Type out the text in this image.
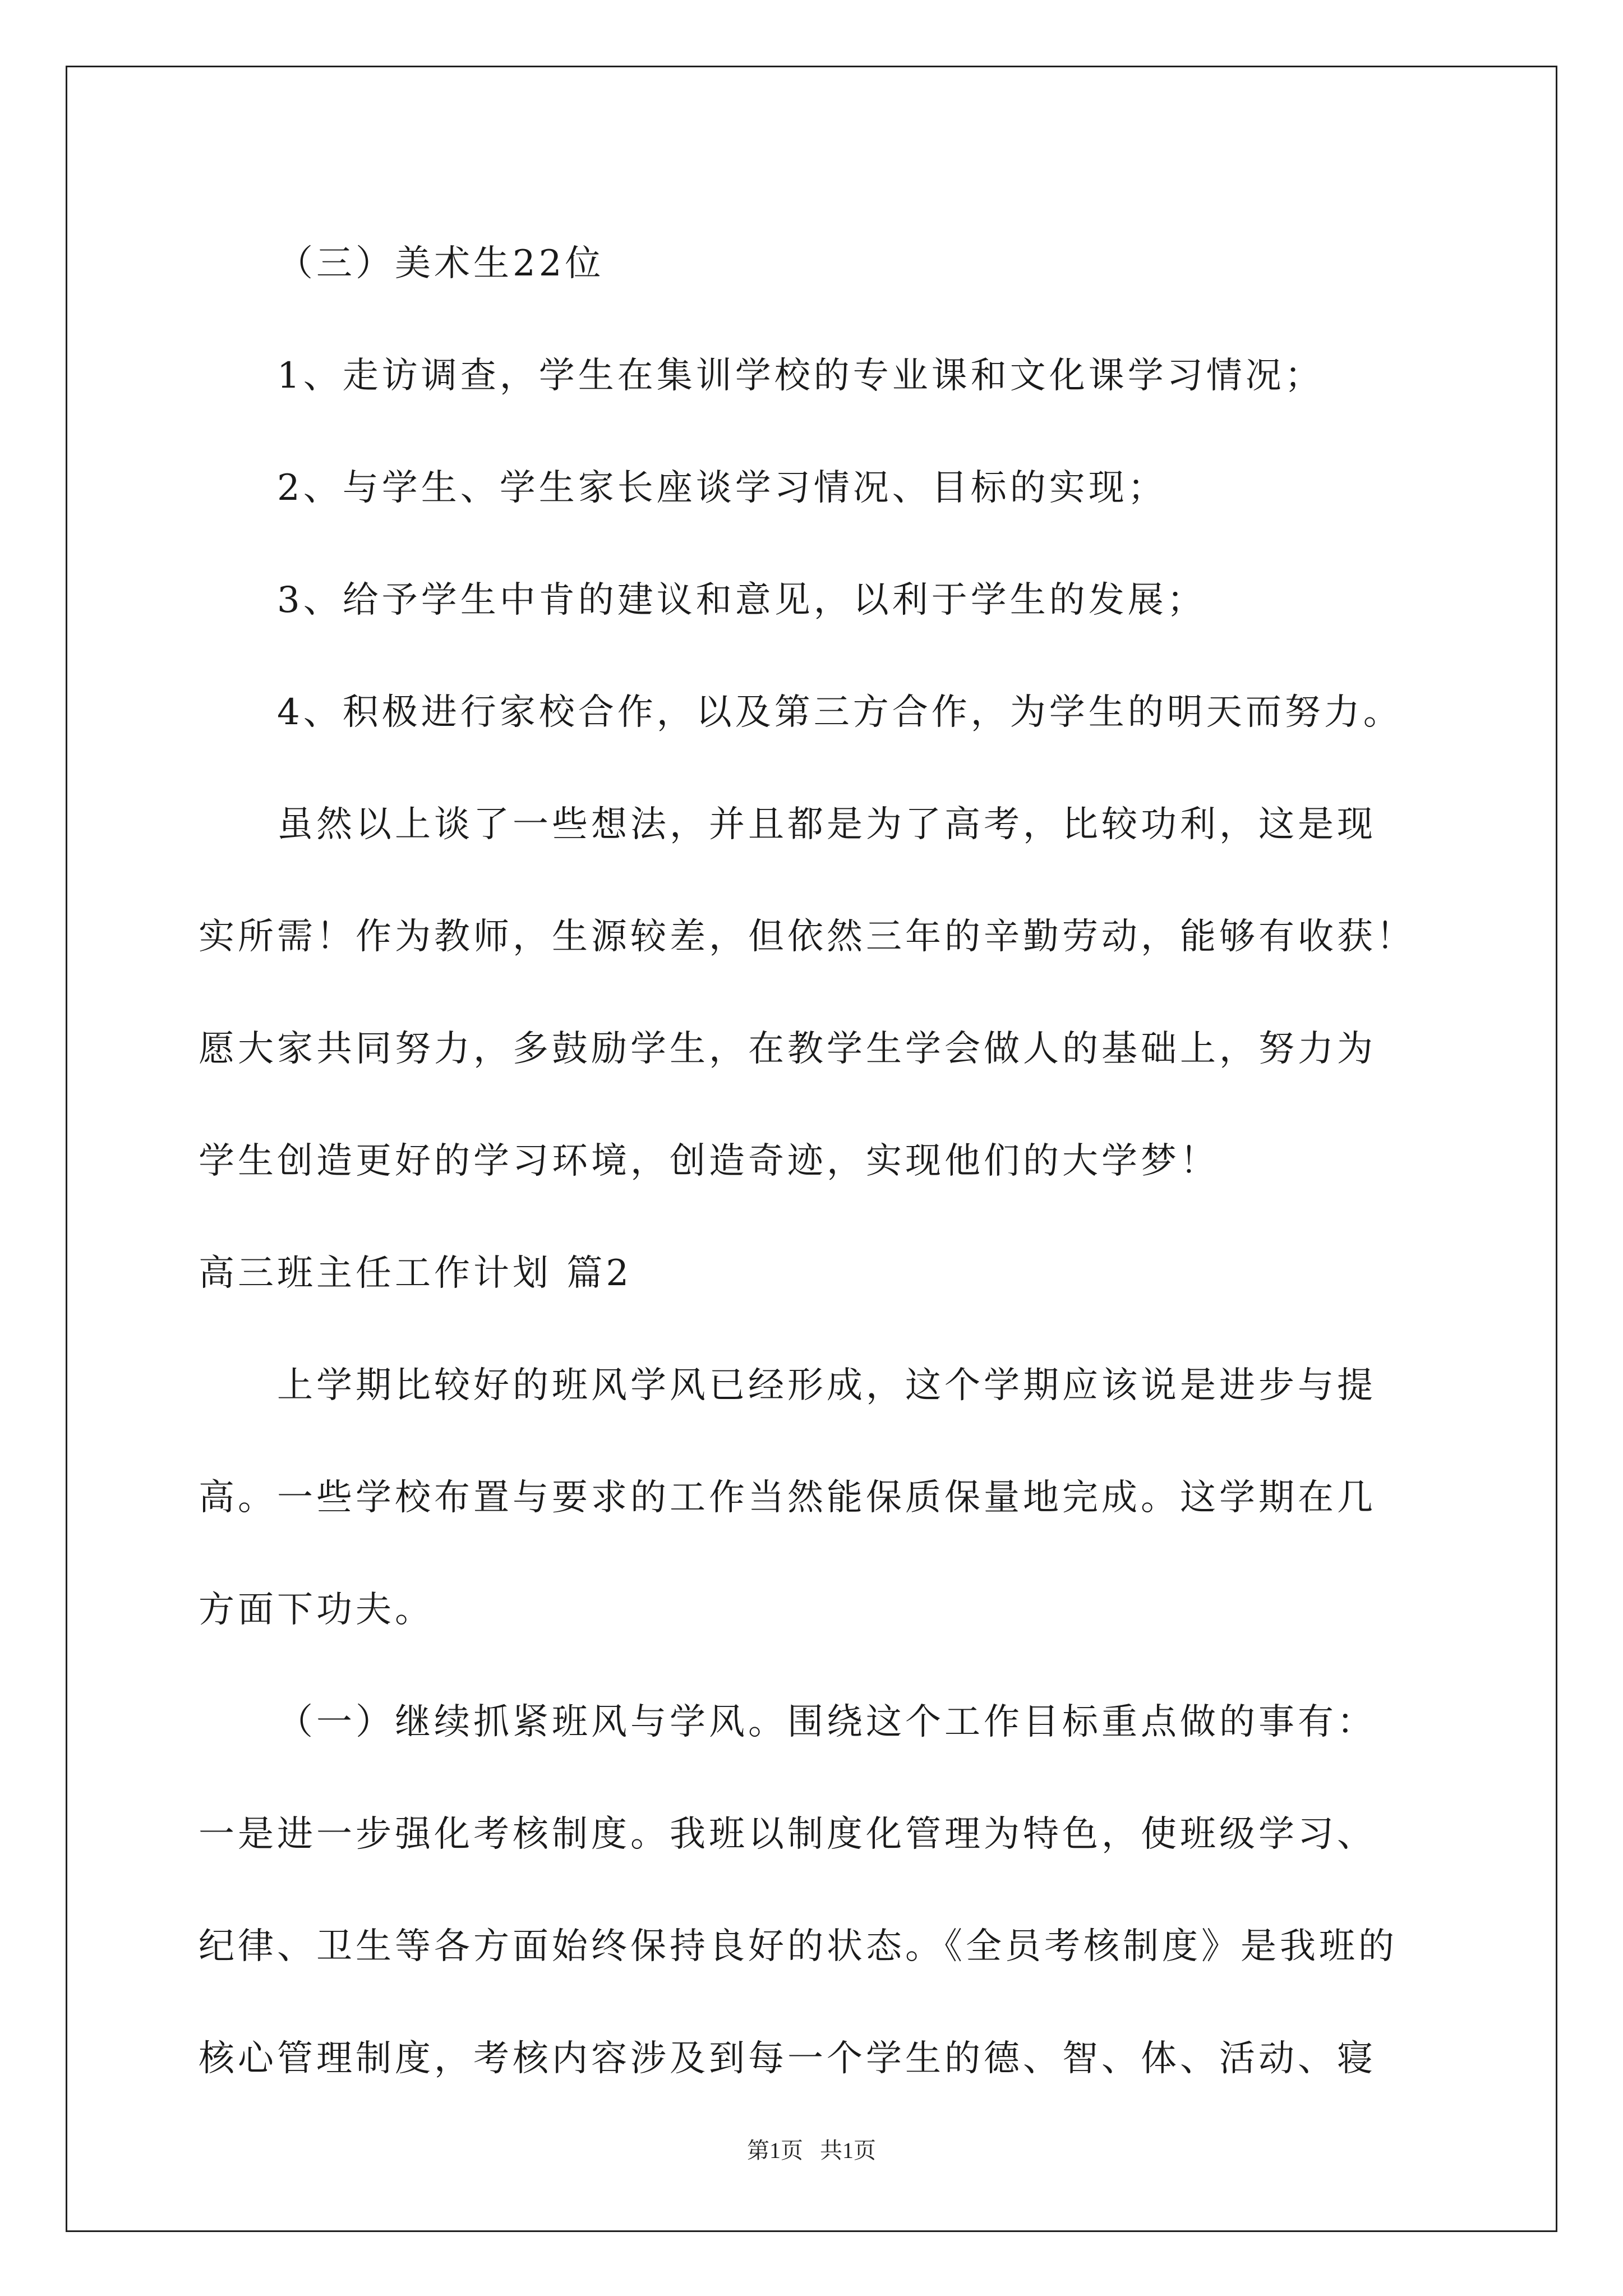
（三）美术生22位
1、走访调查，学生在集训学校的专业课和文化课学习情况；
2、与学生、学生家长座谈学习情况、目标的实现；
3、给予学生中肯的建议和意见，以利于学生的发展；
4、积极进行家校合作，以及第三方合作，为学生的明天而努力。
虽然以上谈了一些想法，并且都是为了高考，比较功利，这是现
实所需！作为教师，生源较差，但依然三年的辛勤劳动，能够有收获！
愿大家共同努力，多鼓励学生，在教学生学会做人的基础上，努力为
学生创造更好的学习环境，创造奇迹，实现他们的大学梦！
高三班主任工作计划 篇2
上学期比较好的班风学风已经形成，这个学期应该说是进步与提
高。一些学校布置与要求的工作当然能保质保量地完成。这学期在几
方面下功夫。
（一）继续抓紧班风与学风。围绕这个工作目标重点做的事有：
一是进一步强化考核制度。我班以制度化管理为特色，使班级学习、
纪律、卫生等各方面始终保持良好的状态。《全员考核制度》是我班的
核心管理制度，考核内容涉及到每一个学生的德、智、体、活动、寝
第1页   共1页
